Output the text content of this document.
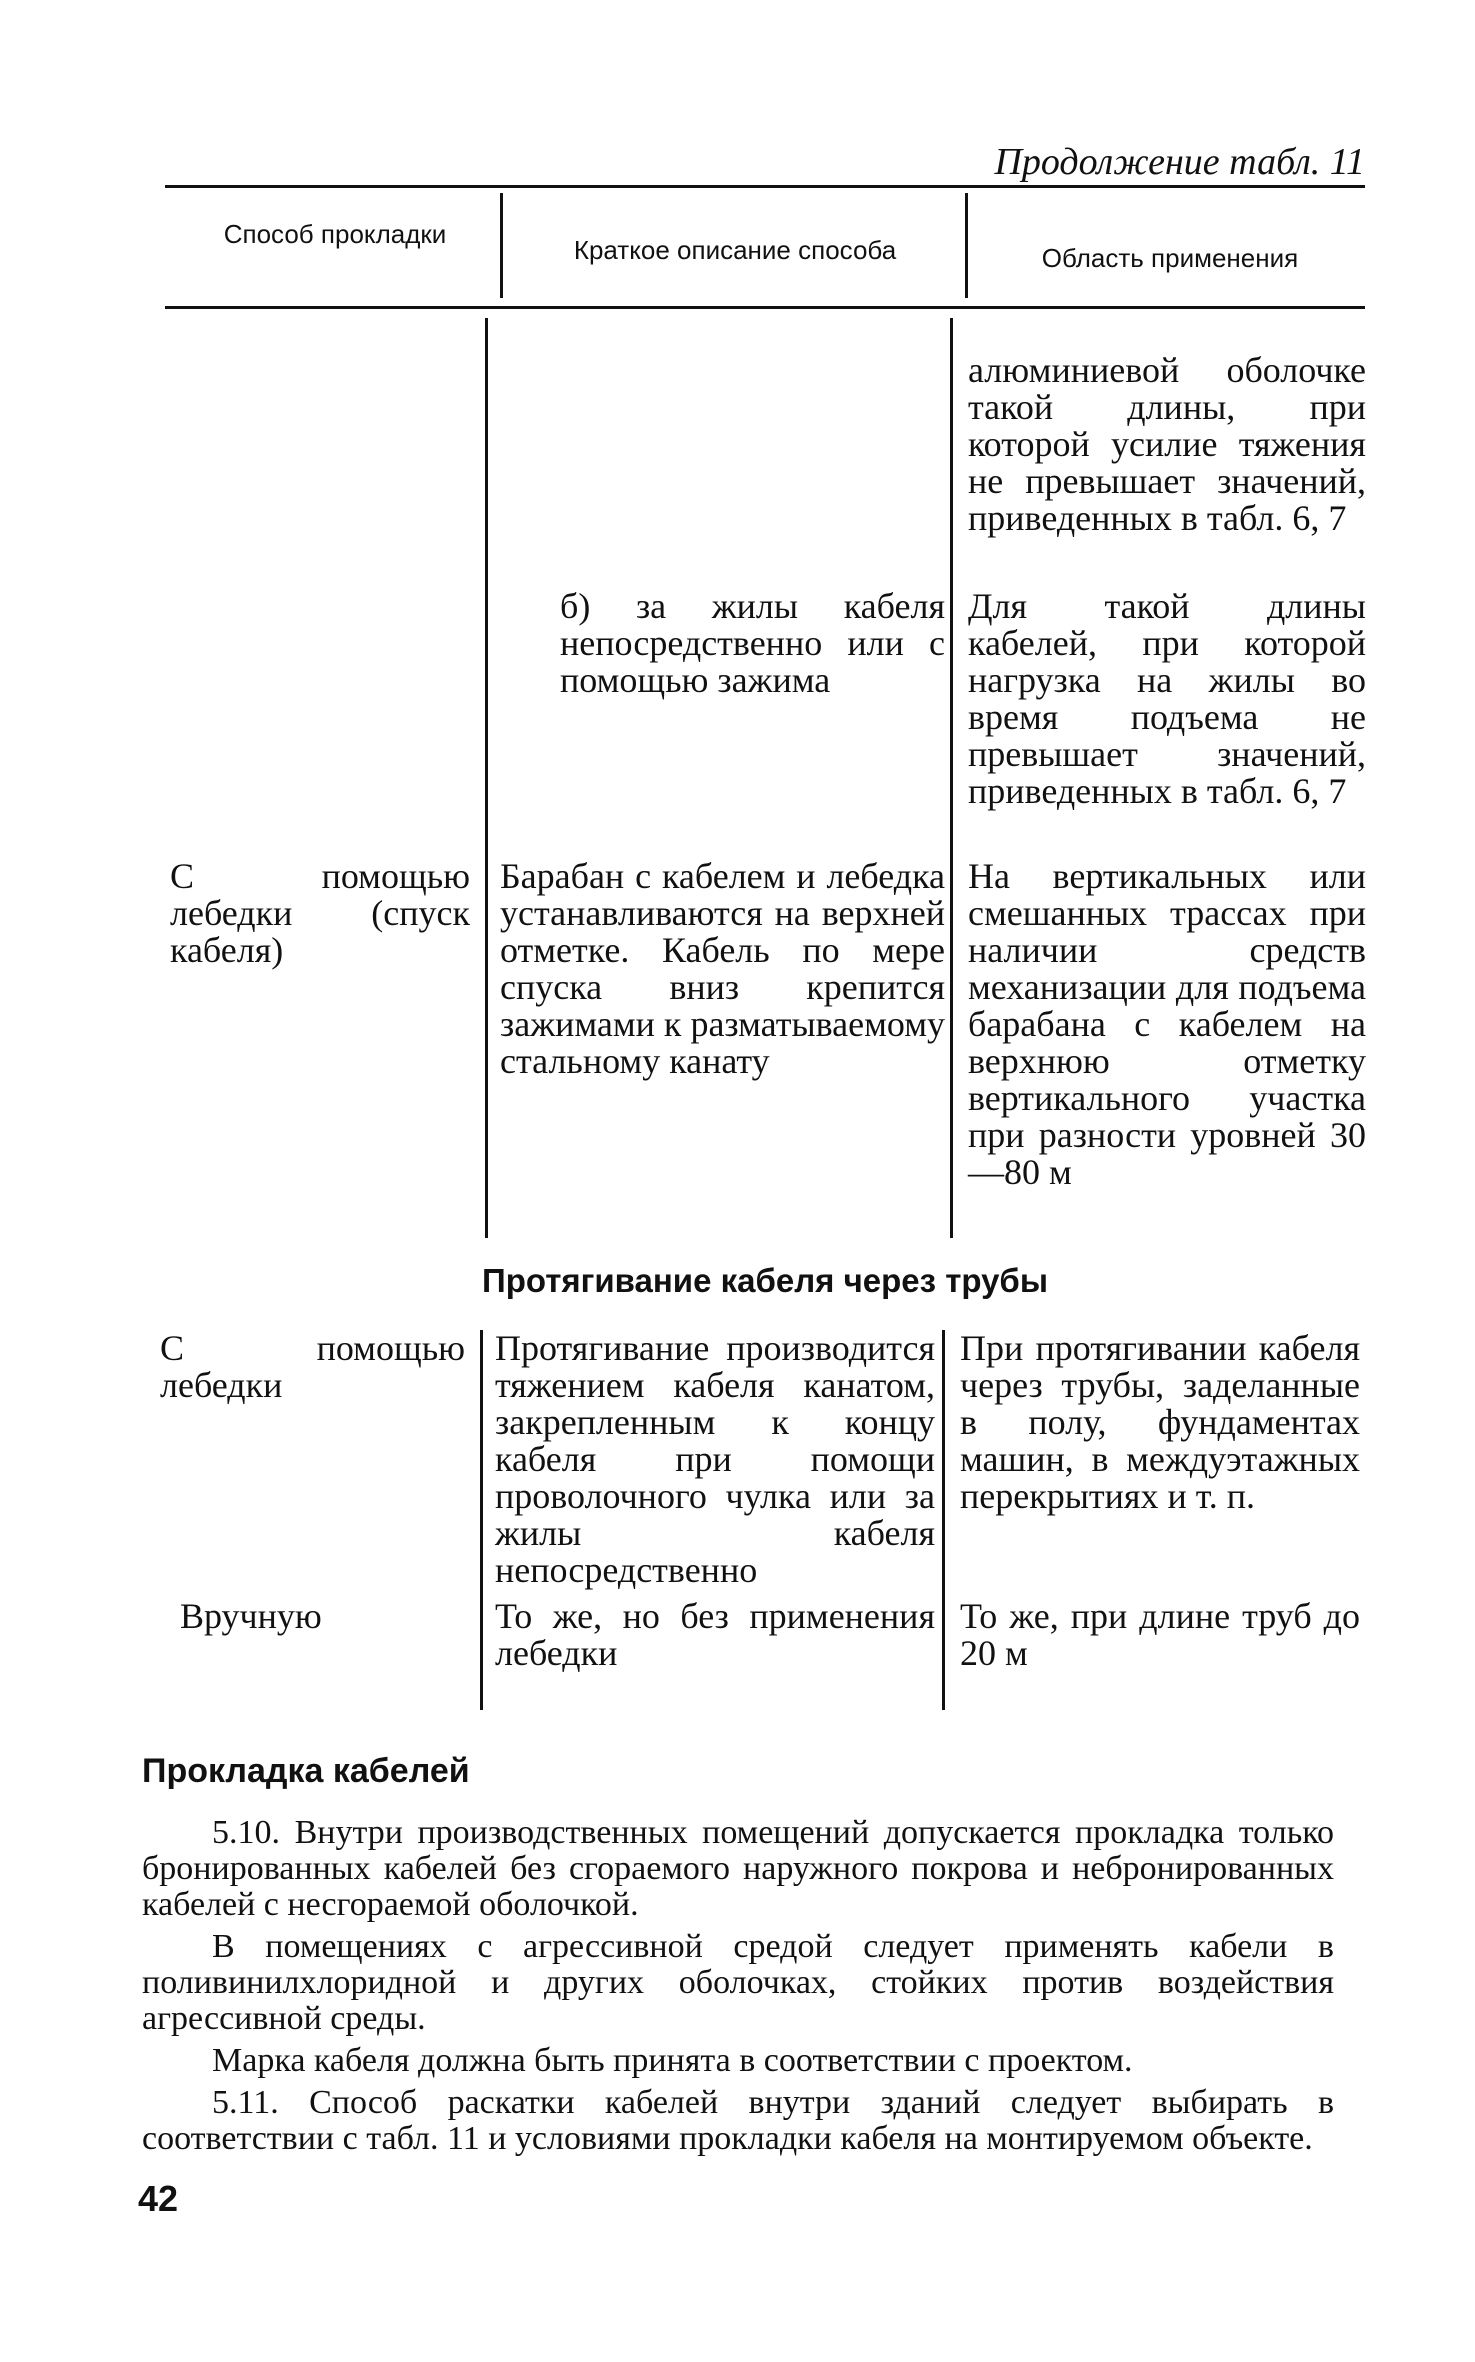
Продолжение табл. 11
Способ прокладки
Краткое описание способа	Область применения
алюминиевой оболочке такой длины, при которой усилие тяжения не превышает значений, приведенных в табл. 6, 7
б) за жилы кабеля непосредственно или с помощью зажима
Для такой длины кабелей, при которой нагрузка на жилы во время подъема не превышает значений, приведенных в табл. 6, 7
С помощью лебедки (спуск кабеля)
Барабан с кабелем и лебедка устанавливаются на верхней отметке. Кабель по мере спуска вниз крепится зажимами к разматываемому стальному канату
На вертикальных или смешанных трассах при наличии средств механизации для подъема барабана с кабелем на верхнюю отметку вертикального участка при разности уровней 30—80 м
Протягивание кабеля через трубы
С помощью лебедки
Протягивание производится тяжением кабеля канатом, закрепленным к концу кабеля при помощи проволочного чулка или за жилы кабеля непосредственно
При протягивании кабеля через трубы, заделанные в полу, фундаментах машин, в междуэтажных перекрытиях и т. п.
Вручную	То же, но без применения лебедки
То же, при длине труб до 20 м
Прокладка кабелей

5.10. Внутри производственных помещений допускается прокладка только бронированных кабелей без сгораемого наружного покрова и небронированных кабелей с несгораемой оболочкой.

В помещениях с агрессивной средой следует применять кабели в поливинилхлоридной и других оболочках, стойких против воздействия агрессивной среды.

Марка кабеля должна быть принята в соответствии с проектом.

5.11. Способ раскатки кабелей внутри зданий следует выбирать в соответствии с табл. 11 и условиями прокладки кабеля на монтируемом объекте.

42
